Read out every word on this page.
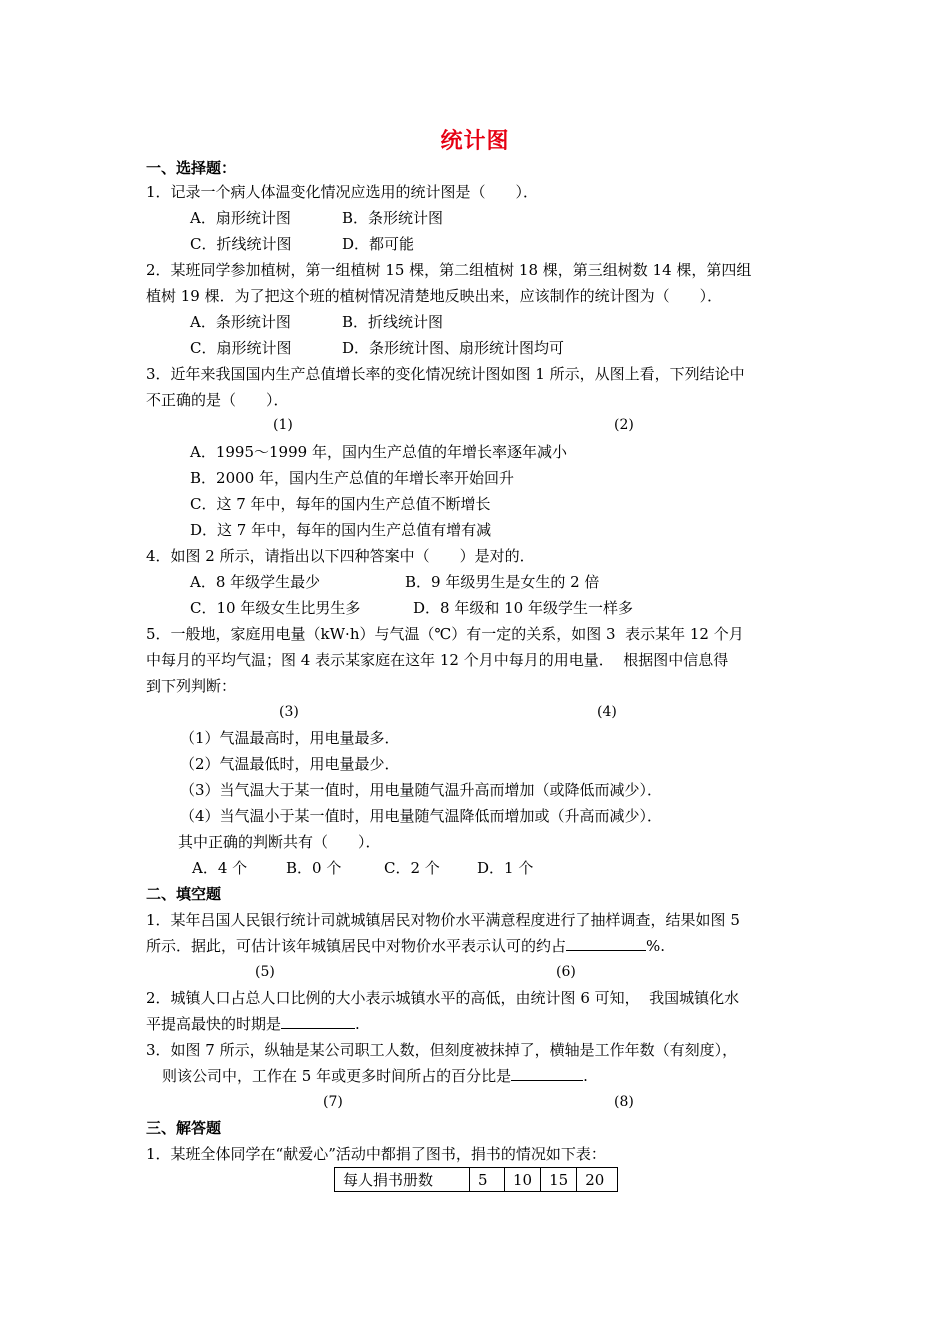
统计图
一、选择题：
1．记录一个病人体温变化情况应选用的统计图是（　　）．
A．扇形统计图	B．条形统计图
C．折线统计图	D．都可能
2．某班同学参加植树，第一组植树 15 棵，第二组植树 18 棵，第三组树数 14 棵，第四组
植树 19 棵．为了把这个班的植树情况清楚地反映出来，应该制作的统计图为（　　）．
A．条形统计图	B．折线统计图
C．扇形统计图	D．条形统计图、扇形统计图均可
3．近年来我国国内生产总值增长率的变化情况统计图如图 1 所示，从图上看，下列结论中
不正确的是（　　）．
(1)	(2)
A．1995～1999 年，国内生产总值的年增长率逐年减小
B．2000 年，国内生产总值的年增长率开始回升
C．这 7 年中，每年的国内生产总值不断增长
D．这 7 年中，每年的国内生产总值有增有减
4．如图 2 所示，请指出以下四种答案中（　　）是对的．
A．8 年级学生最少	B．9 年级男生是女生的 2 倍
C．10 年级女生比男生多	D．8 年级和 10 年级学生一样多
5．一般地，家庭用电量（kW·h）与气温（℃）有一定的关系，如图 3  表示某年 12 个月
中每月的平均气温；图 4 表示某家庭在这年 12 个月中每月的用电量．  根据图中信息得
到下列判断：
(3)	(4)
（1）气温最高时，用电量最多．
（2）气温最低时，用电量最少．
（3）当气温大于某一值时，用电量随气温升高而增加（或降低而减少）．
（4）当气温小于某一值时，用电量随气温降低而增加或（升高而减少）．
其中正确的判断共有（　　）．
A．4 个	B．0 个	C．2 个 D．1 个
二、填空题
1．某年吕国人民银行统计司就城镇居民对物价水平满意程度进行了抽样调查，结果如图 5
所示．据此，可估计该年城镇居民中对物价水平表示认可的约占	%.
(5)	(6)
2．城镇人口占总人口比例的大小表示城镇水平的高低，由统计图 6 可知，  我国城镇化水
平提高最快的时期是	.
3．如图 7 所示，纵轴是某公司职工人数，但刻度被抹掉了，横轴是工作年数（有刻度），
则该公司中，工作在 5 年或更多时间所占的百分比是	.
(7)	(8)
三、解答题
1．某班全体同学在“献爱心”活动中都捐了图书，捐书的情况如下表：
每人捐书册数	5	10	15	20
